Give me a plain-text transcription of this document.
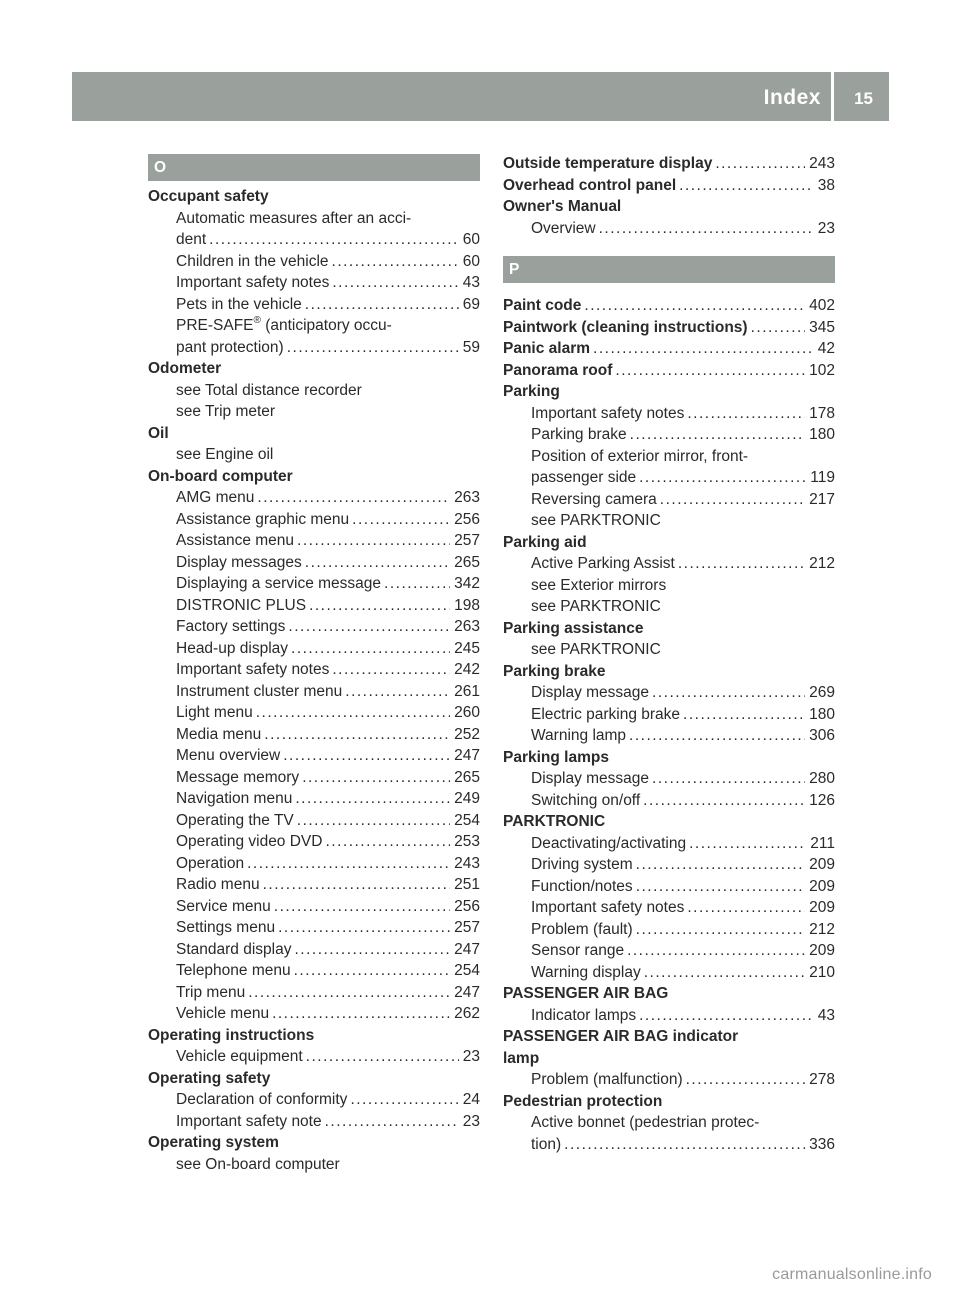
Index 15
O
Occupant safety
Automatic measures after an acci-
dent .....	60
Children in the vehicle .....	60
Important safety notes .....	43
Pets in the vehicle .....	69
PRE-SAFE® (anticipatory occu-
pant protection) .....	59
Odometer
see Total distance recorder
see Trip meter
Oil
see Engine oil
On-board computer
AMG menu .....	263
Assistance graphic menu .....	256
Assistance menu .....	257
Display messages .....	265
Displaying a service message .....	342
DISTRONIC PLUS .....	198
Factory settings .....	263
Head-up display .....	245
Important safety notes .....	242
Instrument cluster menu .....	261
Light menu .....	260
Media menu .....	252
Menu overview .....	247
Message memory .....	265
Navigation menu .....	249
Operating the TV .....	254
Operating video DVD .....	253
Operation .....	243
Radio menu .....	251
Service menu .....	256
Settings menu .....	257
Standard display .....	247
Telephone menu .....	254
Trip menu .....	247
Vehicle menu .....	262
Operating instructions
Vehicle equipment .....	23
Operating safety
Declaration of conformity .....	24
Important safety note .....	23
Operating system
see On-board computer
Outside temperature display .....	243
Overhead control panel .....	38
Owner's Manual
Overview .....	23
P
Paint code .....	402
Paintwork (cleaning instructions) .....	345
Panic alarm .....	42
Panorama roof .....	102
Parking
Important safety notes .....	178
Parking brake .....	180
Position of exterior mirror, front-
passenger side .....	119
Reversing camera .....	217
see PARKTRONIC
Parking aid
Active Parking Assist .....	212
see Exterior mirrors
see PARKTRONIC
Parking assistance
see PARKTRONIC
Parking brake
Display message .....	269
Electric parking brake .....	180
Warning lamp .....	306
Parking lamps
Display message .....	280
Switching on/off .....	126
PARKTRONIC
Deactivating/activating .....	211
Driving system .....	209
Function/notes .....	209
Important safety notes .....	209
Problem (fault) .....	212
Sensor range .....	209
Warning display .....	210
PASSENGER AIR BAG
Indicator lamps .....	43
PASSENGER AIR BAG indicator
lamp
Problem (malfunction) .....	278
Pedestrian protection
Active bonnet (pedestrian protec-
tion) .....	336
carmanualsonline.info
